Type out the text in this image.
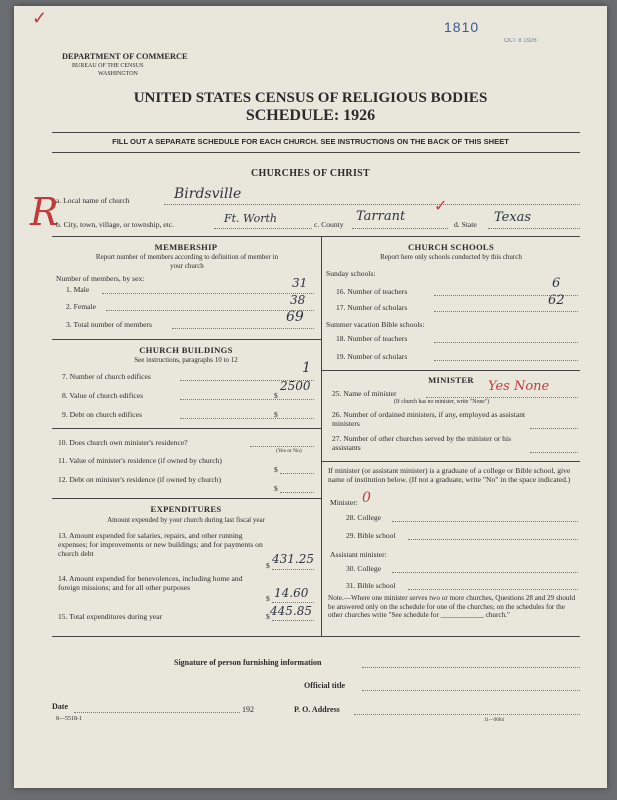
✓	1810
OCT 8 1926
DEPARTMENT OF COMMERCE
BUREAU OF THE CENSUS
WASHINGTON
UNITED STATES CENSUS OF RELIGIOUS BODIES
SCHEDULE: 1926
FILL OUT A SEPARATE SCHEDULE FOR EACH CHURCH. SEE INSTRUCTIONS ON THE BACK OF THIS SHEET
CHURCHES OF CHRIST
R
a. Local name of church	Birdsville
b. City, town, village, or township, etc.	Ft. Worth	c. County
Tarrant
✓
d. State Texas
MEMBERSHIP
Report number of members according to definition of member in your church
Number of members, by sex:
1. Male	31
2. Female	38
3. Total number of members	69
CHURCH BUILDINGS
See instructions, paragraphs 10 to 12
7. Number of church edifices
1
8. Value of church edifices	$
2500
9. Debt on church edifices	$
10. Does church own minister's residence?
(Yes or No)
11. Value of minister's residence (if owned by church)
$
12. Debt on minister's residence (if owned by church)
$
EXPENDITURES
Amount expended by your church during last fiscal year
13. Amount expended for salaries, repairs, and other running expenses; for improvements or new buildings; and for payments on church debt
$ 431.25
14. Amount expended for benevolences, including home and foreign missions; and for all other purposes
$ 14.60
15. Total expenditures during year	$ 445.85
CHURCH SCHOOLS
Report here only schools conducted by this church
Sunday schools:
16. Number of teachers
6
17. Number of scholars	62
Summer vacation Bible schools:
18. Number of teachers
19. Number of scholars
MINISTER
25. Name of minister	Yes None
(If church has no minister, write "None")
26. Number of ordained ministers, if any, employed as assistant ministers
27. Number of other churches served by the minister or his assistants
If minister (or assistant minister) is a graduate of a college or Bible school, give name of institution below. (If not a graduate, write "No" in the space indicated.)
Minister: 0
28. College
29. Bible school
Assistant minister:
30. College
31. Bible school
Note.—Where one minister serves two or more churches, Questions 28 and 29 should be answered only on the schedule for one of the churches; on the schedules for the other churches write "See schedule for ____________ church."
Signature of person furnishing information
Official title
Date	192	P. O. Address
8—5518-1	11—9004
